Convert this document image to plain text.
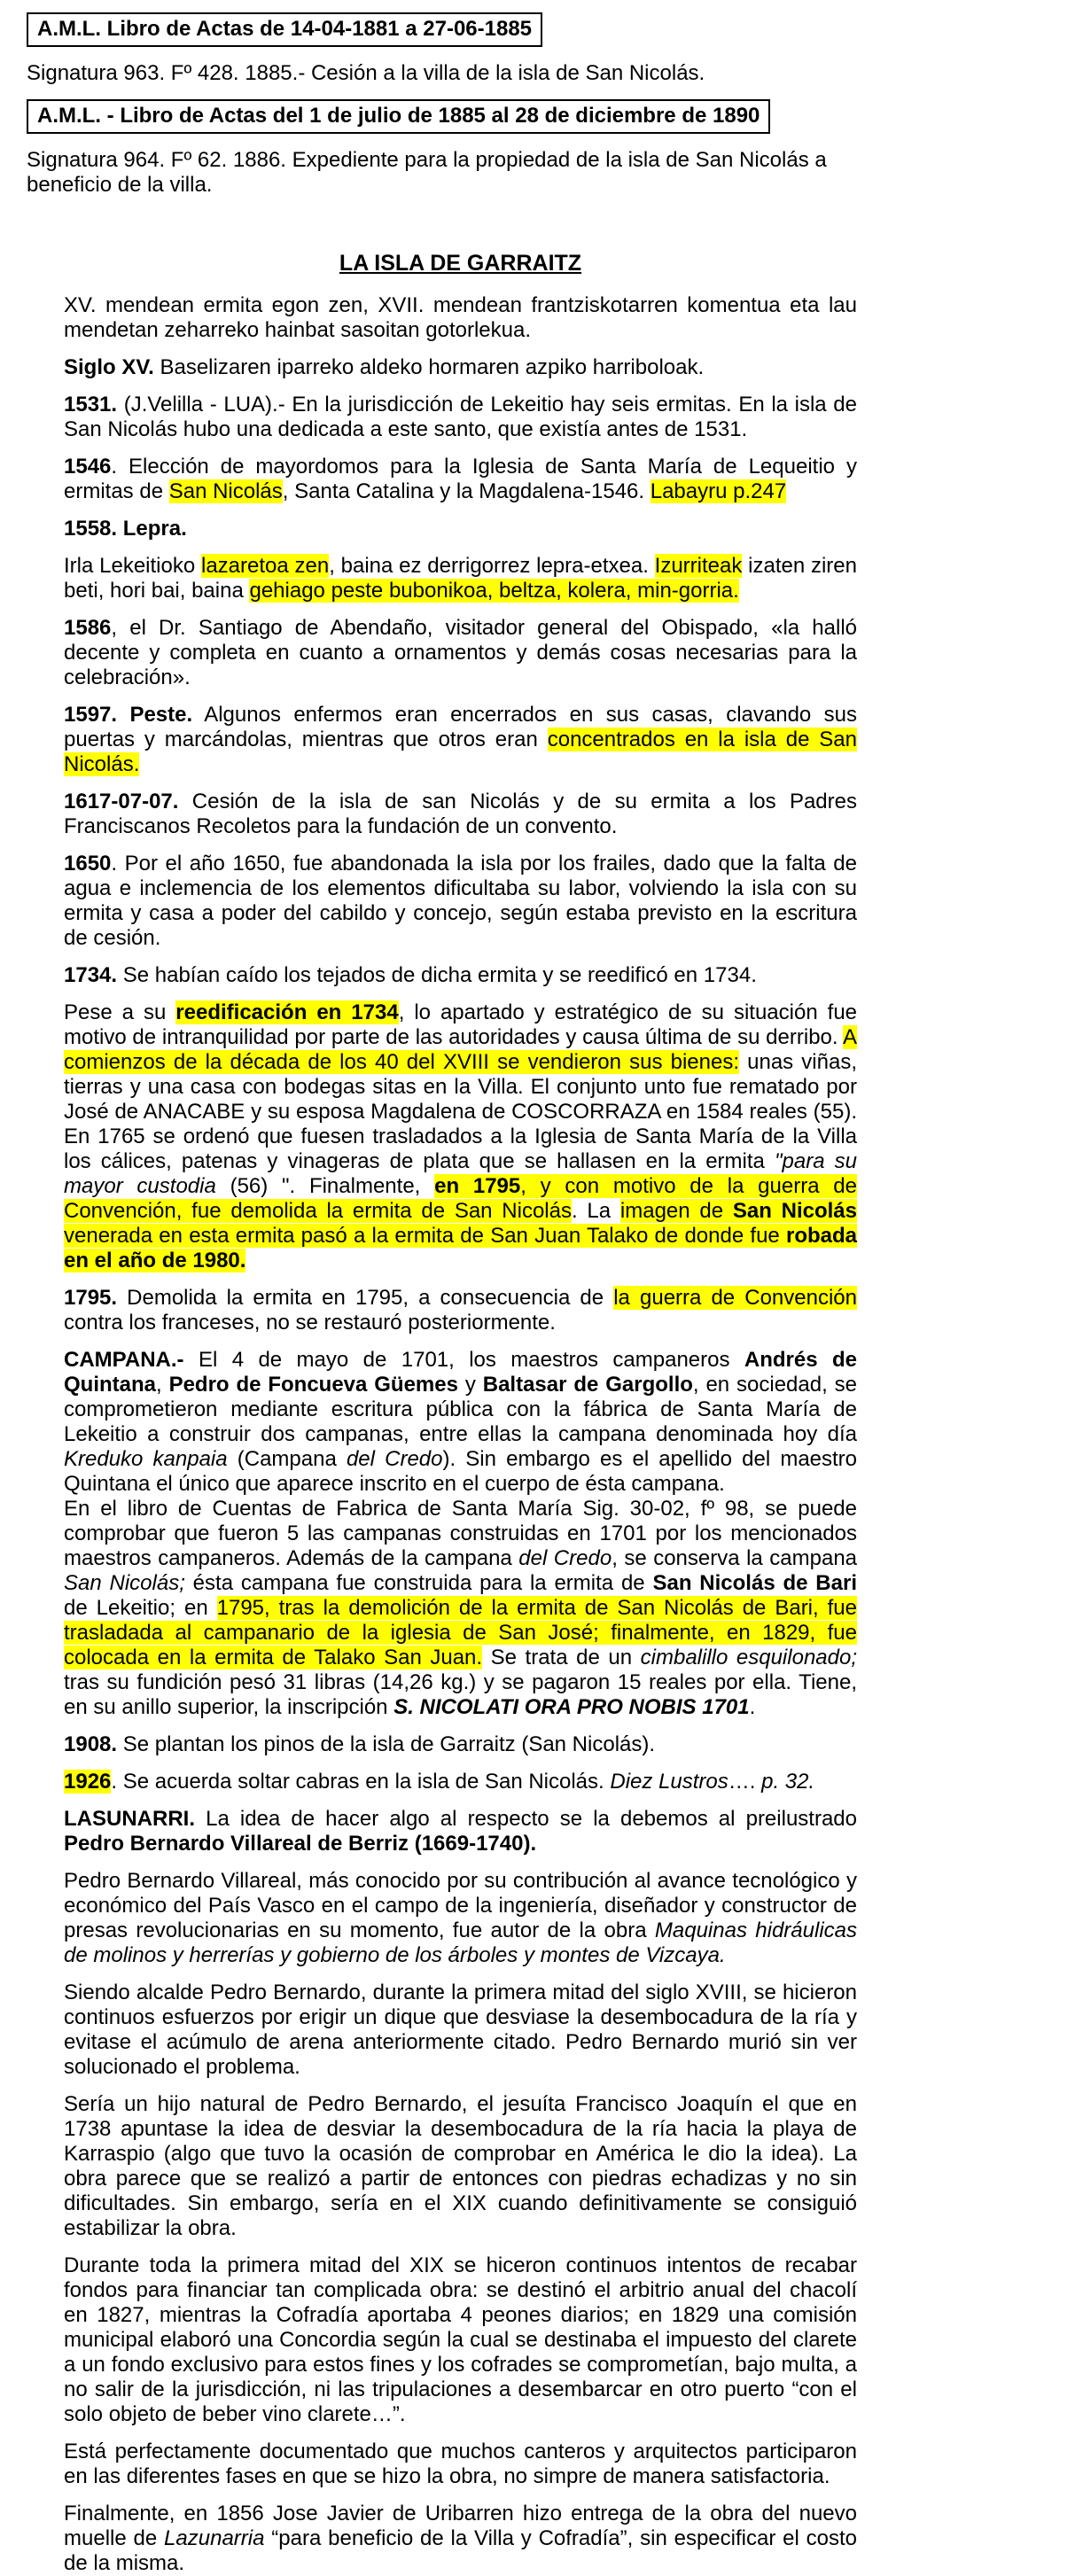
A.M.L. Libro de Actas de 14-04-1881 a 27-06-1885
Signatura 963. Fº 428. 1885.- Cesión a la villa de la isla de San Nicolás.
A.M.L. - Libro de Actas del 1 de julio de 1885 al 28 de diciembre de 1890
Signatura 964. Fº 62. 1886. Expediente para la propiedad de la isla de San Nicolás a beneficio de la villa.
LA ISLA DE GARRAITZ

XV. mendean ermita egon zen, XVII. mendean frantziskotarren komentua eta lau mendetan zeharreko hainbat sasoitan gotorlekua.

Siglo XV. Baselizaren iparreko aldeko hormaren azpiko harriboloak.

1531. (J.Velilla - LUA).- En la jurisdicción de Lekeitio hay seis ermitas. En la isla de San Nicolás hubo una dedicada a este santo, que existía antes de 1531.

1546. Elección de mayordomos para la Iglesia de Santa María de Lequeitio y ermitas de San Nicolás, Santa Catalina y la Magdalena-1546. Labayru p.247

1558. Lepra.

Irla Lekeitioko lazaretoa zen, baina ez derrigorrez lepra-etxea. Izurriteak izaten ziren beti, hori bai, baina gehiago peste bubonikoa, beltza, kolera, min-gorria.

1586, el Dr. Santiago de Abendaño, visitador general del Obispado, «la halló decente y completa en cuanto a ornamentos y demás cosas necesarias para la celebración».

1597. Peste. Algunos enfermos eran encerrados en sus casas, clavando sus puertas y marcándolas, mientras que otros eran concentrados en la isla de San Nicolás.

1617-07-07. Cesión de la isla de san Nicolás y de su ermita a los Padres Franciscanos Recoletos para la fundación de un convento.

1650. Por el año 1650, fue abandonada la isla por los frailes, dado que la falta de agua e inclemencia de los elementos dificultaba su labor, volviendo la isla con su ermita y casa a poder del cabildo y concejo, según estaba previsto en la escritura de cesión.

1734. Se habían caído los tejados de dicha ermita y se reedificó en 1734.

Pese a su reedificación en 1734, lo apartado y estratégico de su situación fue motivo de intranquilidad por parte de las autoridades y causa última de su derribo. A comienzos de la década de los 40 del XVIII se vendieron sus bienes: unas viñas, tierras y una casa con bodegas sitas en la Villa. El conjunto unto fue rematado por José de ANACABE y su esposa Magdalena de COSCORRAZA en 1584 reales (55). En 1765 se ordenó que fuesen trasladados a la Iglesia de Santa María de la Villa los cálices, patenas y vinageras de plata que se hallasen en la ermita "para su mayor custodia (56) ". Finalmente, en 1795, y con motivo de la guerra de Convención, fue demolida la ermita de San Nicolás. La imagen de San Nicolás venerada en esta ermita pasó a la ermita de San Juan Talako de donde fue robada en el año de 1980.

1795. Demolida la ermita en 1795, a consecuencia de la guerra de Convención contra los franceses, no se restauró posteriormente.

CAMPANA.- El 4 de mayo de 1701, los maestros campaneros Andrés de Quintana, Pedro de Foncueva Güemes y Baltasar de Gargollo, en sociedad, se comprometieron mediante escritura pública con la fábrica de Santa María de Lekeitio a construir dos campanas, entre ellas la campana denominada hoy día Kreduko kanpaia (Campana del Credo). Sin embargo es el apellido del maestro Quintana el único que aparece inscrito en el cuerpo de ésta campana.

En el libro de Cuentas de Fabrica de Santa María Sig. 30-02, fº 98, se puede comprobar que fueron 5 las campanas construidas en 1701 por los mencionados maestros campaneros. Además de la campana del Credo, se conserva la campana San Nicolás; ésta campana fue construida para la ermita de San Nicolás de Bari de Lekeitio; en 1795, tras la demolición de la ermita de San Nicolás de Bari, fue trasladada al campanario de la iglesia de San José; finalmente, en 1829, fue colocada en la ermita de Talako San Juan. Se trata de un cimbalillo esquilonado; tras su fundición pesó 31 libras (14,26 kg.) y se pagaron 15 reales por ella. Tiene, en su anillo superior, la inscripción S. NICOLATI ORA PRO NOBIS 1701.

1908. Se plantan los pinos de la isla de Garraitz (San Nicolás).

1926. Se acuerda soltar cabras en la isla de San Nicolás. Diez Lustros…. p. 32.

LASUNARRI. La idea de hacer algo al respecto se la debemos al preilustrado Pedro Bernardo Villareal de Berriz (1669-1740).

Pedro Bernardo Villareal, más conocido por su contribución al avance tecnológico y económico del País Vasco en el campo de la ingeniería, diseñador y constructor de presas revolucionarias en su momento, fue autor de la obra Maquinas hidráulicas de molinos y herrerías y gobierno de los árboles y montes de Vizcaya.

Siendo alcalde Pedro Bernardo, durante la primera mitad del siglo XVIII, se hicieron continuos esfuerzos por erigir un dique que desviase la desembocadura de la ría y evitase el acúmulo de arena anteriormente citado. Pedro Bernardo murió sin ver solucionado el problema.

Sería un hijo natural de Pedro Bernardo, el jesuíta Francisco Joaquín el que en 1738 apuntase la idea de desviar la desembocadura de la ría hacia la playa de Karraspio (algo que tuvo la ocasión de comprobar en América le dio la idea). La obra parece que se realizó a partir de entonces con piedras echadizas y no sin dificultades. Sin embargo, sería en el XIX cuando definitivamente se consiguió estabilizar la obra.

Durante toda la primera mitad del XIX se hiceron continuos intentos de recabar fondos para financiar tan complicada obra: se destinó el arbitrio anual del chacolí en 1827, mientras la Cofradía aportaba 4 peones diarios; en 1829 una comisión municipal elaboró una Concordia según la cual se destinaba el impuesto del clarete a un fondo exclusivo para estos fines y los cofrades se comprometían, bajo multa, a no salir de la jurisdicción, ni las tripulaciones a desembarcar en otro puerto “con el solo objeto de beber vino clarete…”.

Está perfectamente documentado que muchos canteros y arquitectos participaron en las diferentes fases en que se hizo la obra, no simpre de manera satisfactoria.

Finalmente, en 1856 Jose Javier de Uribarren hizo entrega de la obra del nuevo muelle de Lazunarria “para beneficio de la Villa y Cofradía”, sin especificar el costo de la misma.
